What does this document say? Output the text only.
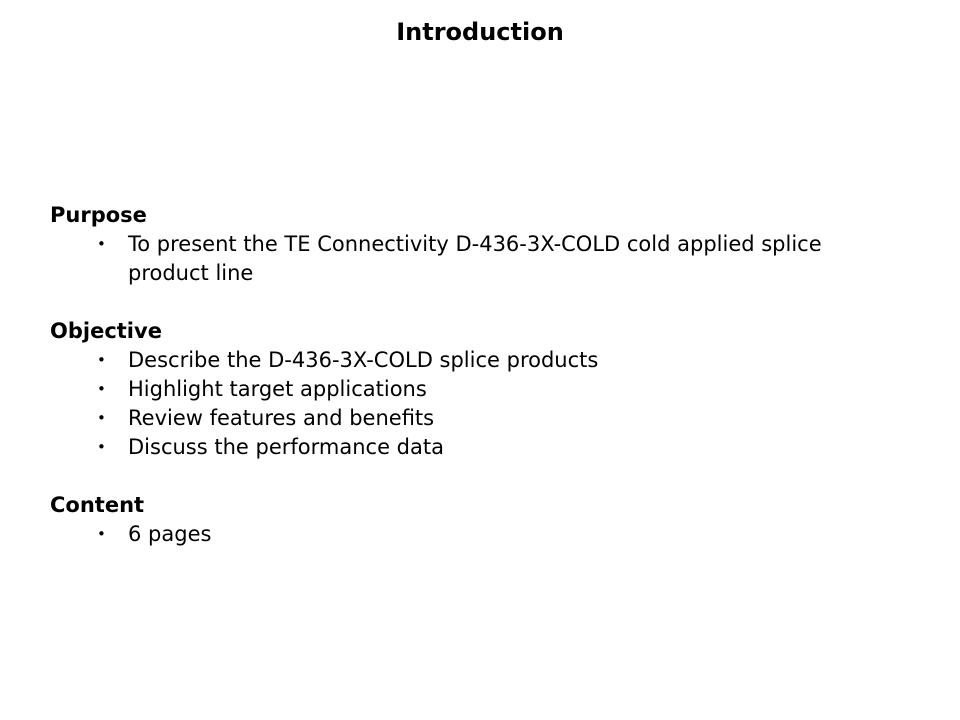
Introduction
Purpose
• To present the TE Connectivity D-436-3X-COLD cold applied splice product line
Objective
• Describe the D-436-3X-COLD splice products
• Highlight target applications
• Review features and benefits
• Discuss the performance data
Content
• 6 pages
